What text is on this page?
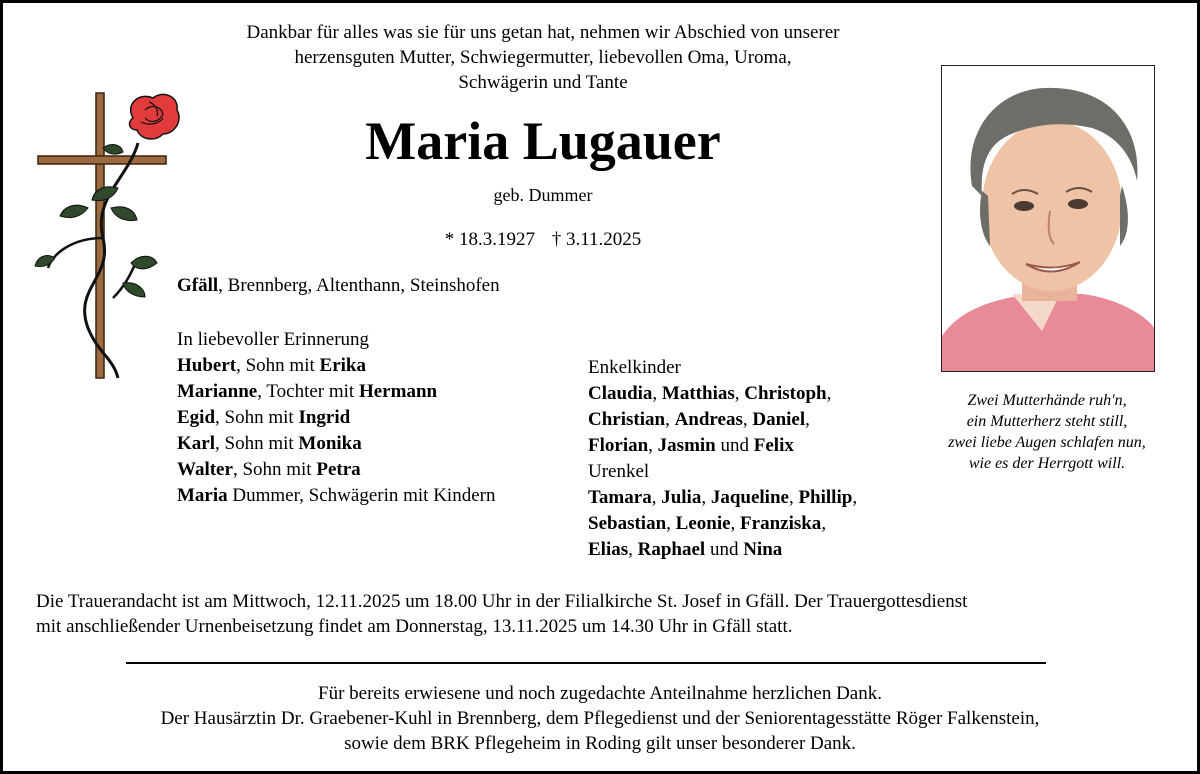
Dankbar für alles was sie für uns getan hat, nehmen wir Abschied von unserer
herzensguten Mutter, Schwiegermutter, liebevollen Oma, Uroma,
Schwägerin und Tante
Maria Lugauer
geb. Dummer
* 18.3.1927 † 3.11.2025
Gfäll, Brennberg, Altenthann, Steinshofen
In liebevoller Erinnerung
Hubert, Sohn mit Erika
Marianne, Tochter mit Hermann
Egid, Sohn mit Ingrid
Karl, Sohn mit Monika
Walter, Sohn mit Petra
Maria Dummer, Schwägerin mit Kindern
Enkelkinder
Claudia, Matthias, Christoph,
Christian, Andreas, Daniel,
Florian, Jasmin und Felix
Urenkel
Tamara, Julia, Jaqueline, Phillip,
Sebastian, Leonie, Franziska,
Elias, Raphael und Nina
Zwei Mutterhände ruh'n,
ein Mutterherz steht still,
zwei liebe Augen schlafen nun,
wie es der Herrgott will.
Die Trauerandacht ist am Mittwoch, 12.11.2025 um 18.00 Uhr in der Filialkirche St. Josef in Gfäll. Der Trauergottesdienst
mit anschließender Urnenbeisetzung findet am Donnerstag, 13.11.2025 um 14.30 Uhr in Gfäll statt.
Für bereits erwiesene und noch zugedachte Anteilnahme herzlichen Dank.
Der Hausärztin Dr. Graebener-Kuhl in Brennberg, dem Pflegedienst und der Seniorentagesstätte Röger Falkenstein,
sowie dem BRK Pflegeheim in Roding gilt unser besonderer Dank.
